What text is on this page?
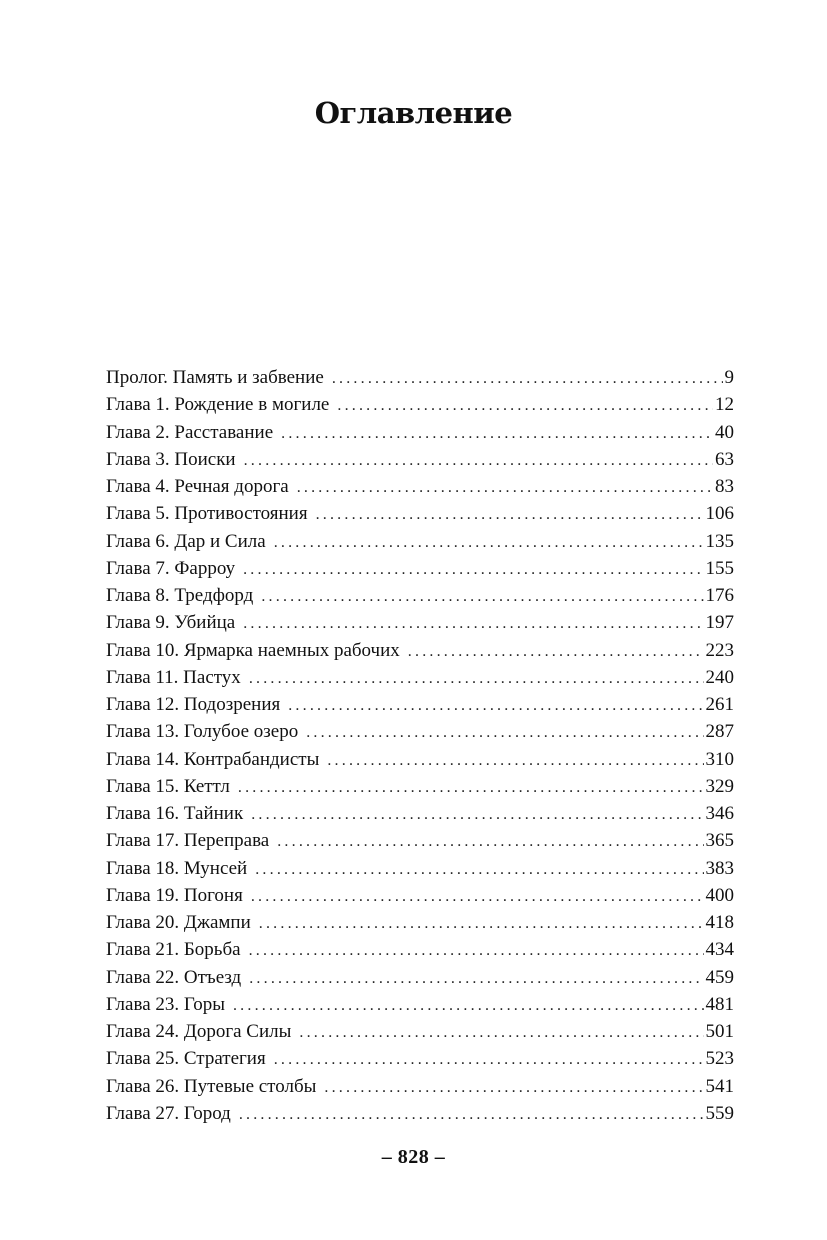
Оглавление
Пролог. Память и забвение .....	9
Глава 1. Рождение в могиле .....	12
Глава 2. Расставание .....	40
Глава 3. Поиски .....	63
Глава 4. Речная дорога .....	83
Глава 5. Противостояния .....	106
Глава 6. Дар и Сила .....	135
Глава 7. Фарроу .....	155
Глава 8. Тредфорд .....	176
Глава 9. Убийца .....	197
Глава 10. Ярмарка наемных рабочих .....	223
Глава 11. Пастух .....	240
Глава 12. Подозрения .....	261
Глава 13. Голубое озеро .....	287
Глава 14. Контрабандисты .....	310
Глава 15. Кеттл .....	329
Глава 16. Тайник .....	346
Глава 17. Переправа .....	365
Глава 18. Мунсей .....	383
Глава 19. Погоня .....	400
Глава 20. Джампи .....	418
Глава 21. Борьба .....	434
Глава 22. Отъезд .....	459
Глава 23. Горы .....	481
Глава 24. Дорога Силы .....	501
Глава 25. Стратегия .....	523
Глава 26. Путевые столбы .....	541
Глава 27. Город .....	559
– 828 –
